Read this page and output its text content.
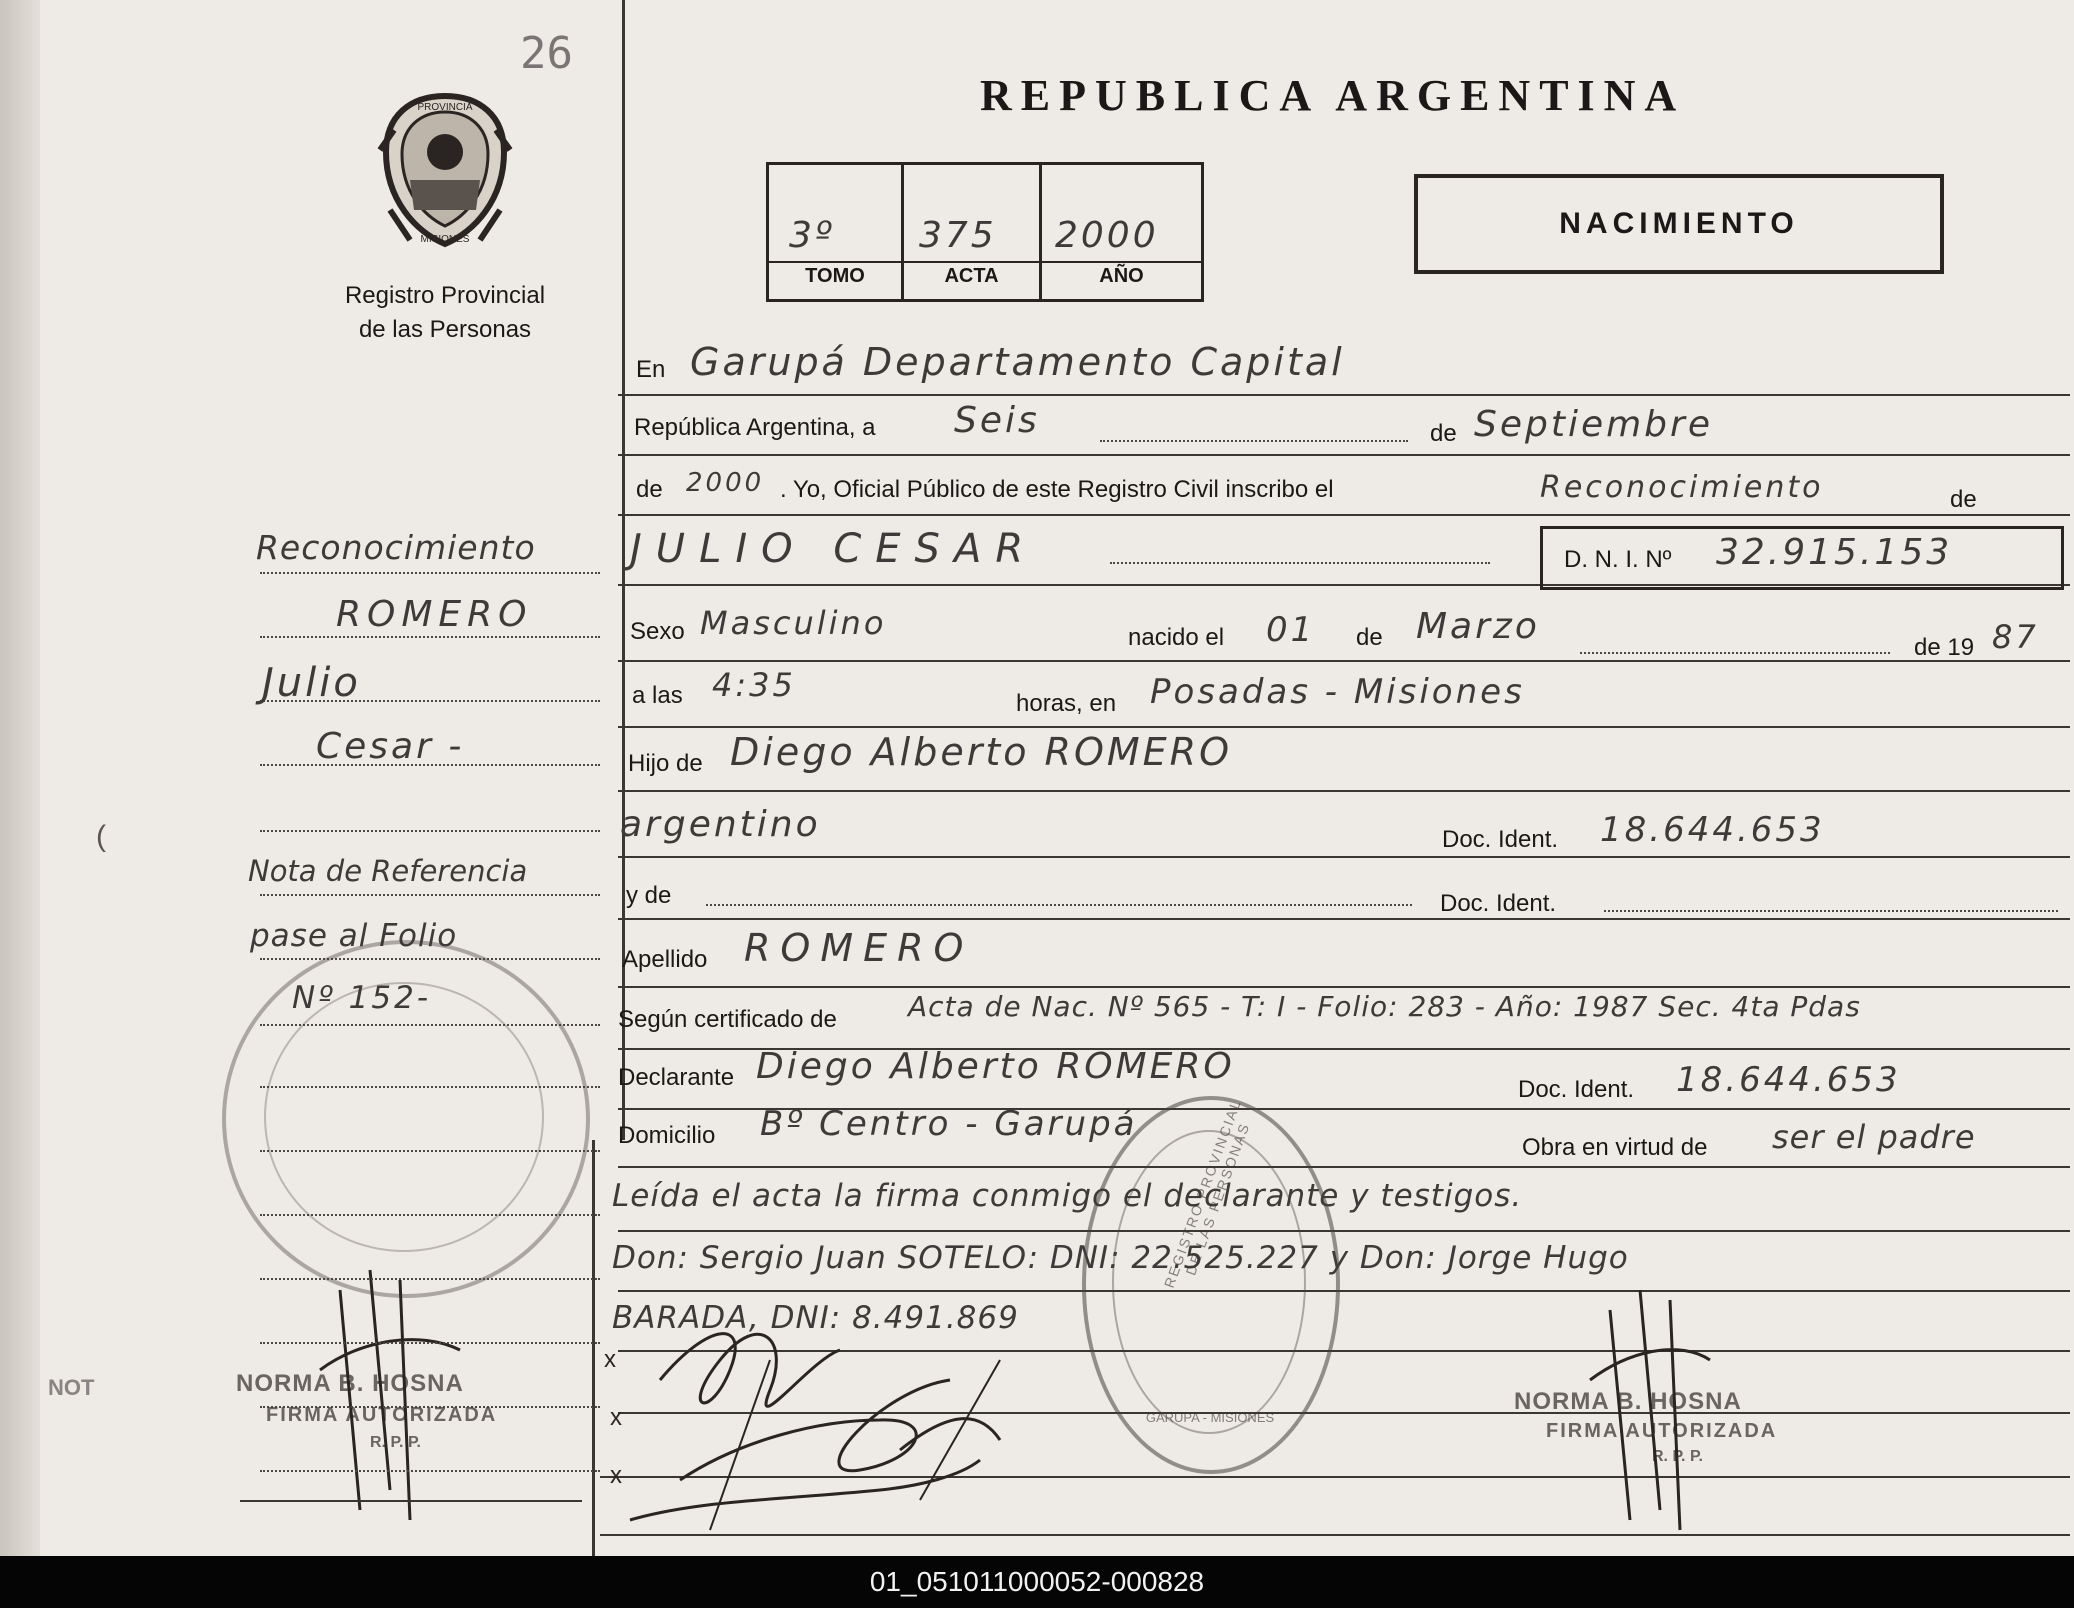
NOT
26
PROVINCIA
MISIONES
Registro Provincial
de las Personas
REPUBLICA ARGENTINA
3º 375 2000
TOMO	ACTA	AÑO
NACIMIENTO
En Garupá Departamento Capital
República Argentina, a Seis	de Septiembre
de 2000 . Yo, Oficial Público de este Registro Civil inscribo el	Reconocimiento	de
JULIO CESAR	D. N. I. Nº 32.915.153
Sexo Masculino	nacido el 01 de Marzo
de 19 87
a las 4:35	horas, en Posadas - Misiones
Hijo de Diego Alberto ROMERO
argentino	Doc. Ident. 18.644.653
y de	Doc. Ident.
Apellido ROMERO
Según certificado de	Acta de Nac. Nº 565 - T: I - Folio: 283 - Año: 1987 Sec. 4ta Pdas
Declarante Diego Alberto ROMERO
Doc. Ident. 18.644.653
Domicilio Bº Centro - Garupá
Obra en virtud de ser el padre
Leída el acta la firma conmigo el declarante y testigos.
Don: Sergio Juan SOTELO: DNI: 22.525.227 y Don: Jorge Hugo
BARADA, DNI: 8.491.869
x
x
x
REGISTRO PROVINCIAL DE LAS PERSONAS
GARUPA - MISIONES
NORMA B. HOSNA
FIRMA AUTORIZADA
R. P. P.
NORMA B. HOSNA
FIRMA AUTORIZADA
R. P. P.
Reconocimiento
ROMERO
Julio
Cesar -
Nota de Referencia
pase al Folio
Nº 152-
(
01_051011000052-000828
